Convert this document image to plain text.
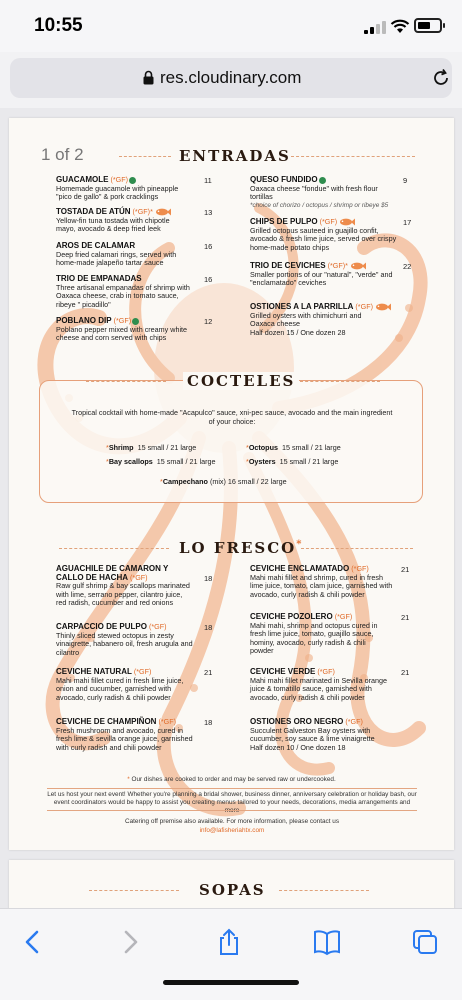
10:55
res.cloudinary.com
1 of 2	ENTRADAS
GUACAMOLE (*GF)
Homemade guacamole with pineapple
"pico de gallo" & pork cracklings
11
TOSTADA DE ATÚN (*GF)*
Yellow-fin tuna tostada with chipotle
mayo, avocado & deep fried leek
13
AROS DE CALAMAR
Deep fried calamari rings, served with
home-made jalapeño tartar sauce
16
TRIO DE EMPANADAS
Three artisanal empanadas of shrimp with
Oaxaca cheese, crab in tomato sauce,
ribeye " picadillo"
16
POBLANO DIP (*GF)
Poblano pepper mixed with creamy white
cheese and corn served with chips
12
QUESO FUNDIDO
Oaxaca cheese "fondue" with fresh flour
tortillas
*choice of chorizo / octopus / shrimp or ribeye $5
9
CHIPS DE PULPO (*GF)
Grilled octopus sauteed in guajillo confit,
avocado & fresh lime juice, served over crispy
home-made potato chips
17
TRIO DE CEVICHES (*GF)*
Smaller portions of our "natural", "verde" and
"enclamatado" ceviches
22
OSTIONES A LA PARRILLA (*GF)
Grilled oysters with chimichurri and
Oaxaca cheese
Half dozen 15 / One dozen 28

Tropical cocktail with home-made "Acapulco" sauce, xni-pec sauce, avocado and the main ingredient of your choice:

*Shrimp 15 small / 21 large	*Octopus 15 small / 21 large
*Bay scallops 15 small / 21 large	*Oysters 15 small / 21 large
*Campechano (mix) 16 small / 22 large
COCTELES
LO FRESCO*
AGUACHILE DE CAMARON Y
CALLO DE HACHA (*GF)
Raw gulf shrimp & bay scallops marinated
with lime, serrano pepper, cilantro juice,
red radish, cucumber and red onions
18
CARPACCIO DE PULPO (*GF)
Thinly sliced stewed octopus in zesty
vinaigrette, habanero oil, fresh arugula and
cilantro
18
CEVICHE NATURAL (*GF)
Mahi mahi fillet cured in fresh lime juice,
onion and cucumber, garnished with
avocado, curly radish & chili powder
21
CEVICHE DE CHAMPIÑON (*GF)
Fresh mushroom and avocado, cured in
fresh lime & sevilla orange juice, garnished
with curly radish and chili powder
18
CEVICHE ENCLAMATADO (*GF)
Mahi mahi fillet and shrimp, cured in fresh
lime juice, tomato, clam juice, garnished with
avocado, curly radish & chili powder
21
CEVICHE POZOLERO (*GF)
Mahi mahi, shrimp and octopus cured in
fresh lime juice, tomato, guajillo sauce,
hominy, avocado, curly radish & chili
powder
21
CEVICHE VERDE (*GF)
Mahi mahi fillet marinated in Sevilla orange
juice & tomatillo sauce, garnished with
avocado, curly radish & chili powder
21
OSTIONES ORO NEGRO (*GF)
Succulent Galveston Bay oysters with
cucumber, soy sauce & lime vinaigrette
Half dozen 10 / One dozen 18
* Our dishes are cooked to order and may be served raw or undercooked.
Let us host your next event! Whether you're planning a bridal shower, business dinner, anniversary celebration or holiday bash, our event coordinators would be happy to assist you creating menus tailored to your needs, decorations, media arrangements and more
Catering off premise also available. For more information, please contact us
info@lafisheriahtx.com
SOPAS
